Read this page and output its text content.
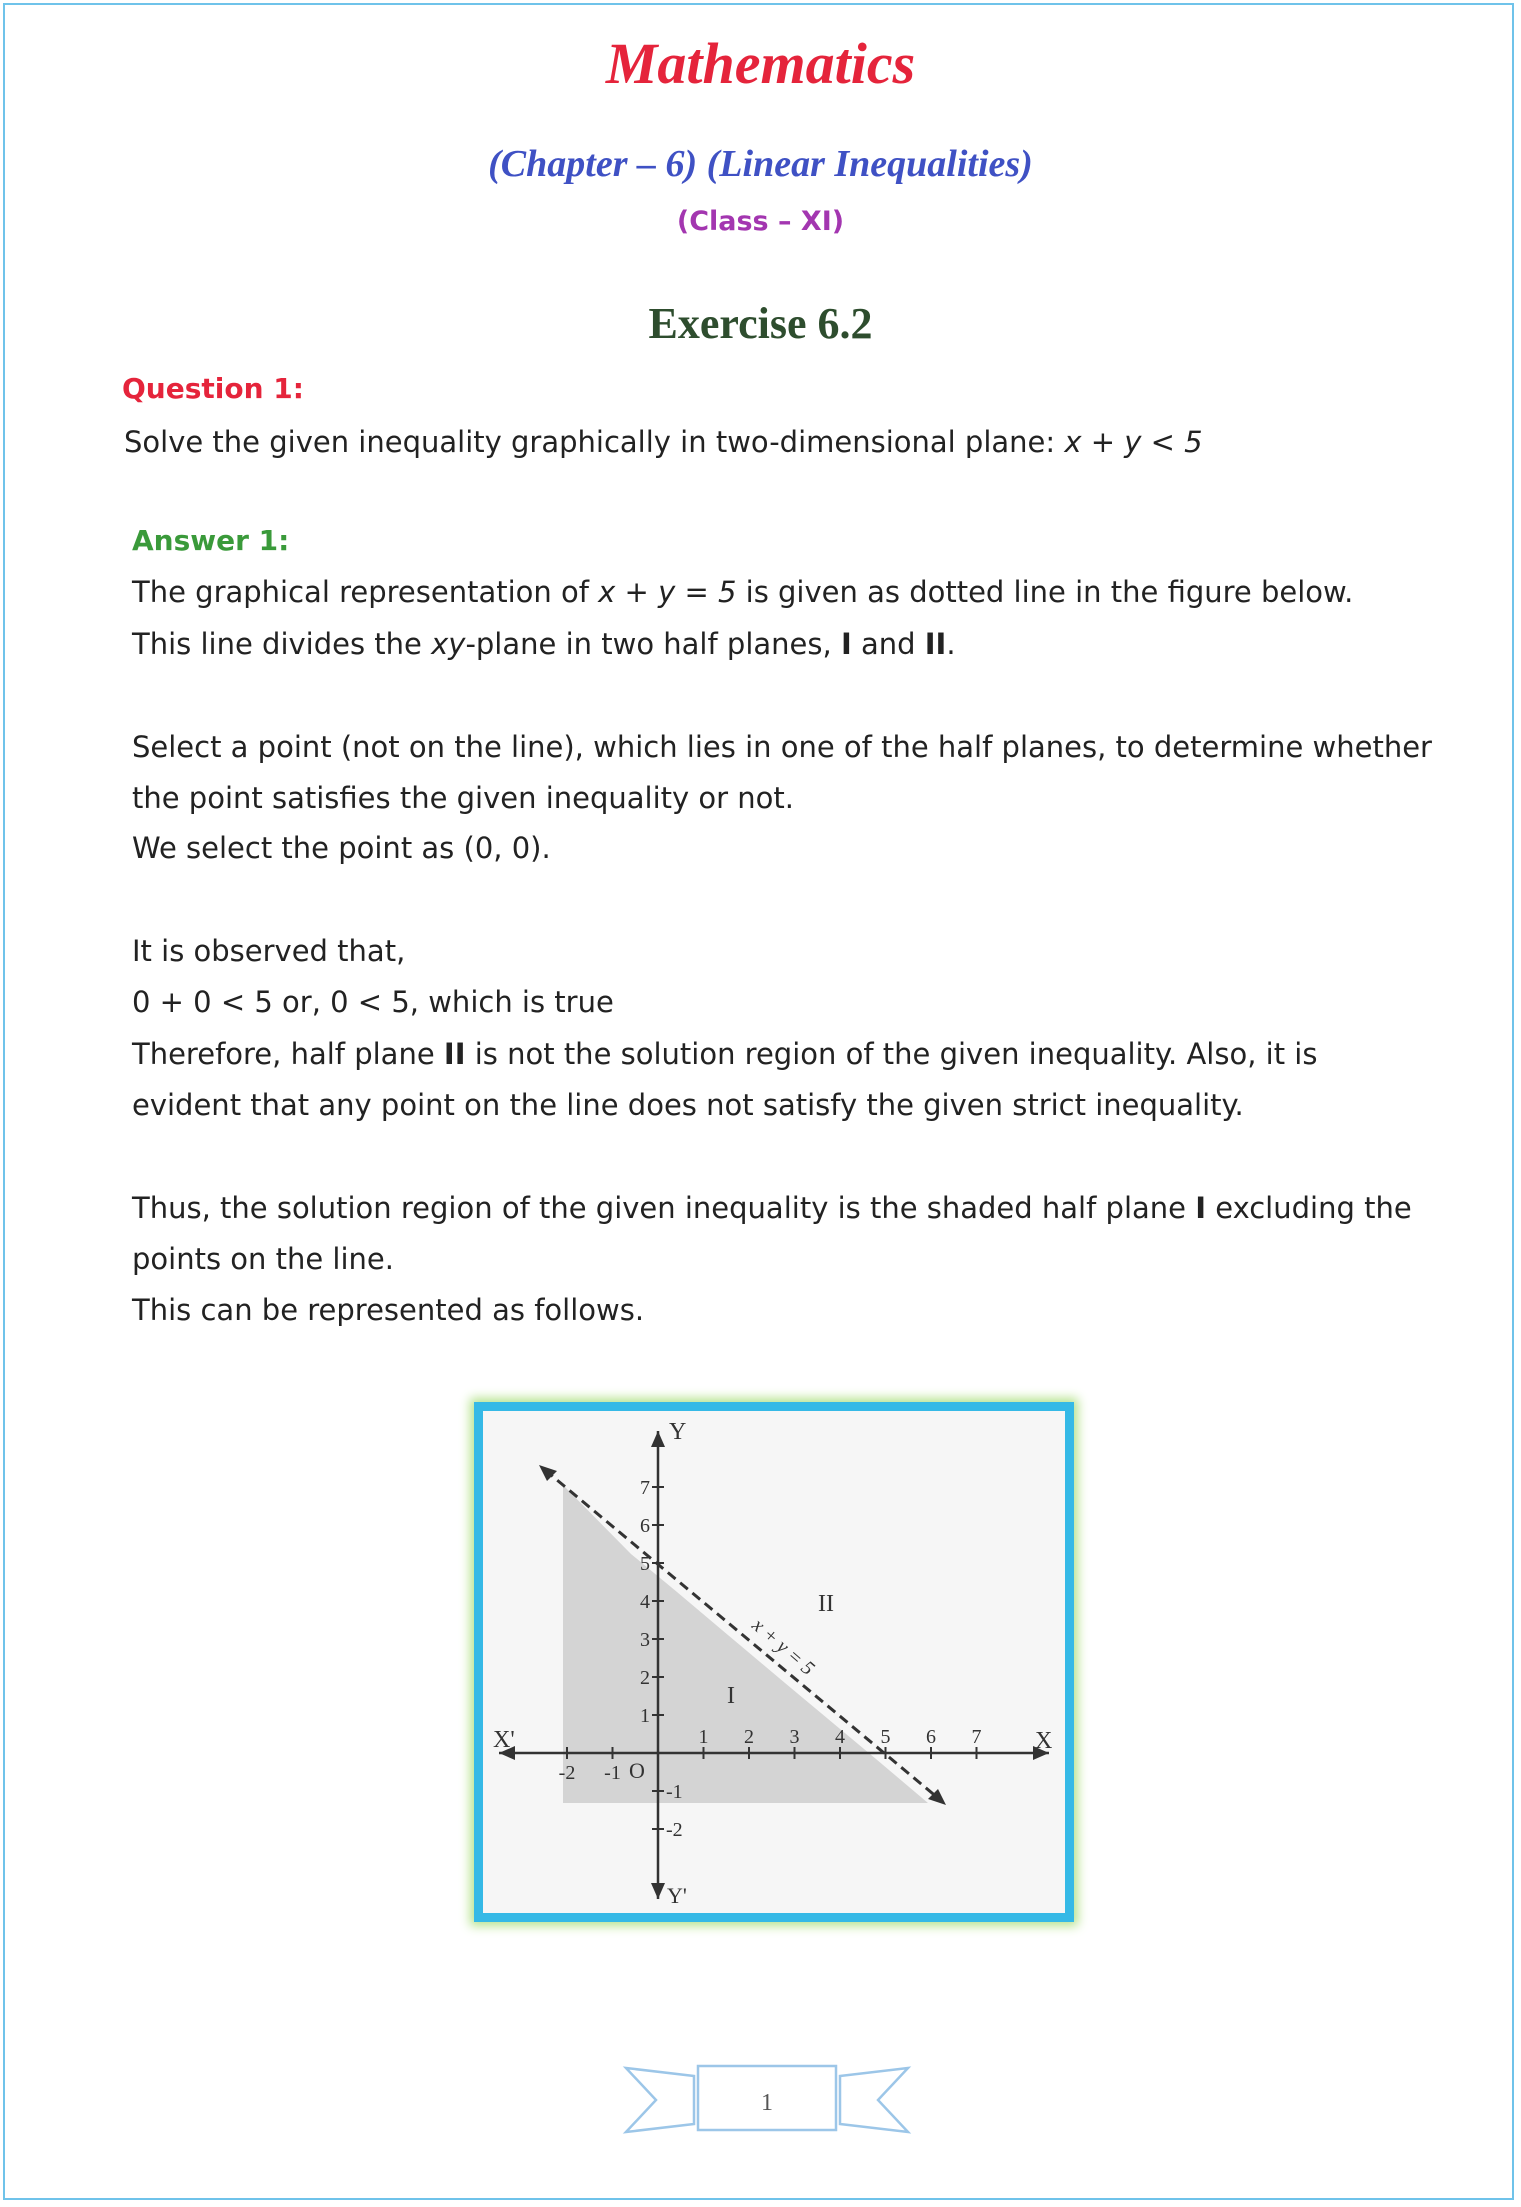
Mathematics
(Chapter – 6) (Linear Inequalities)
(Class – XI)
Exercise 6.2
Question 1:
Solve the given inequality graphically in two-dimensional plane: x + y < 5
Answer 1:
The graphical representation of x + y = 5 is given as dotted line in the figure below.
This line divides the xy-plane in two half planes, I and II.
Select a point (not on the line), which lies in one of the half planes, to determine whether
the point satisfies the given inequality or not.
We select the point as (0, 0).
It is observed that,
0 + 0 < 5 or, 0 < 5, which is true
Therefore, half plane II is not the solution region of the given inequality. Also, it is
evident that any point on the line does not satisfy the given strict inequality.
Thus, the solution region of the given inequality is the shaded half plane I excluding the
points on the line.
This can be represented as follows.
-2 -1
1 2 3 4 5 6 7
-2
-1
1
2
3
4
5
6
7
X
X'
Y
Y'
O
I
II
x + y = 5
1
